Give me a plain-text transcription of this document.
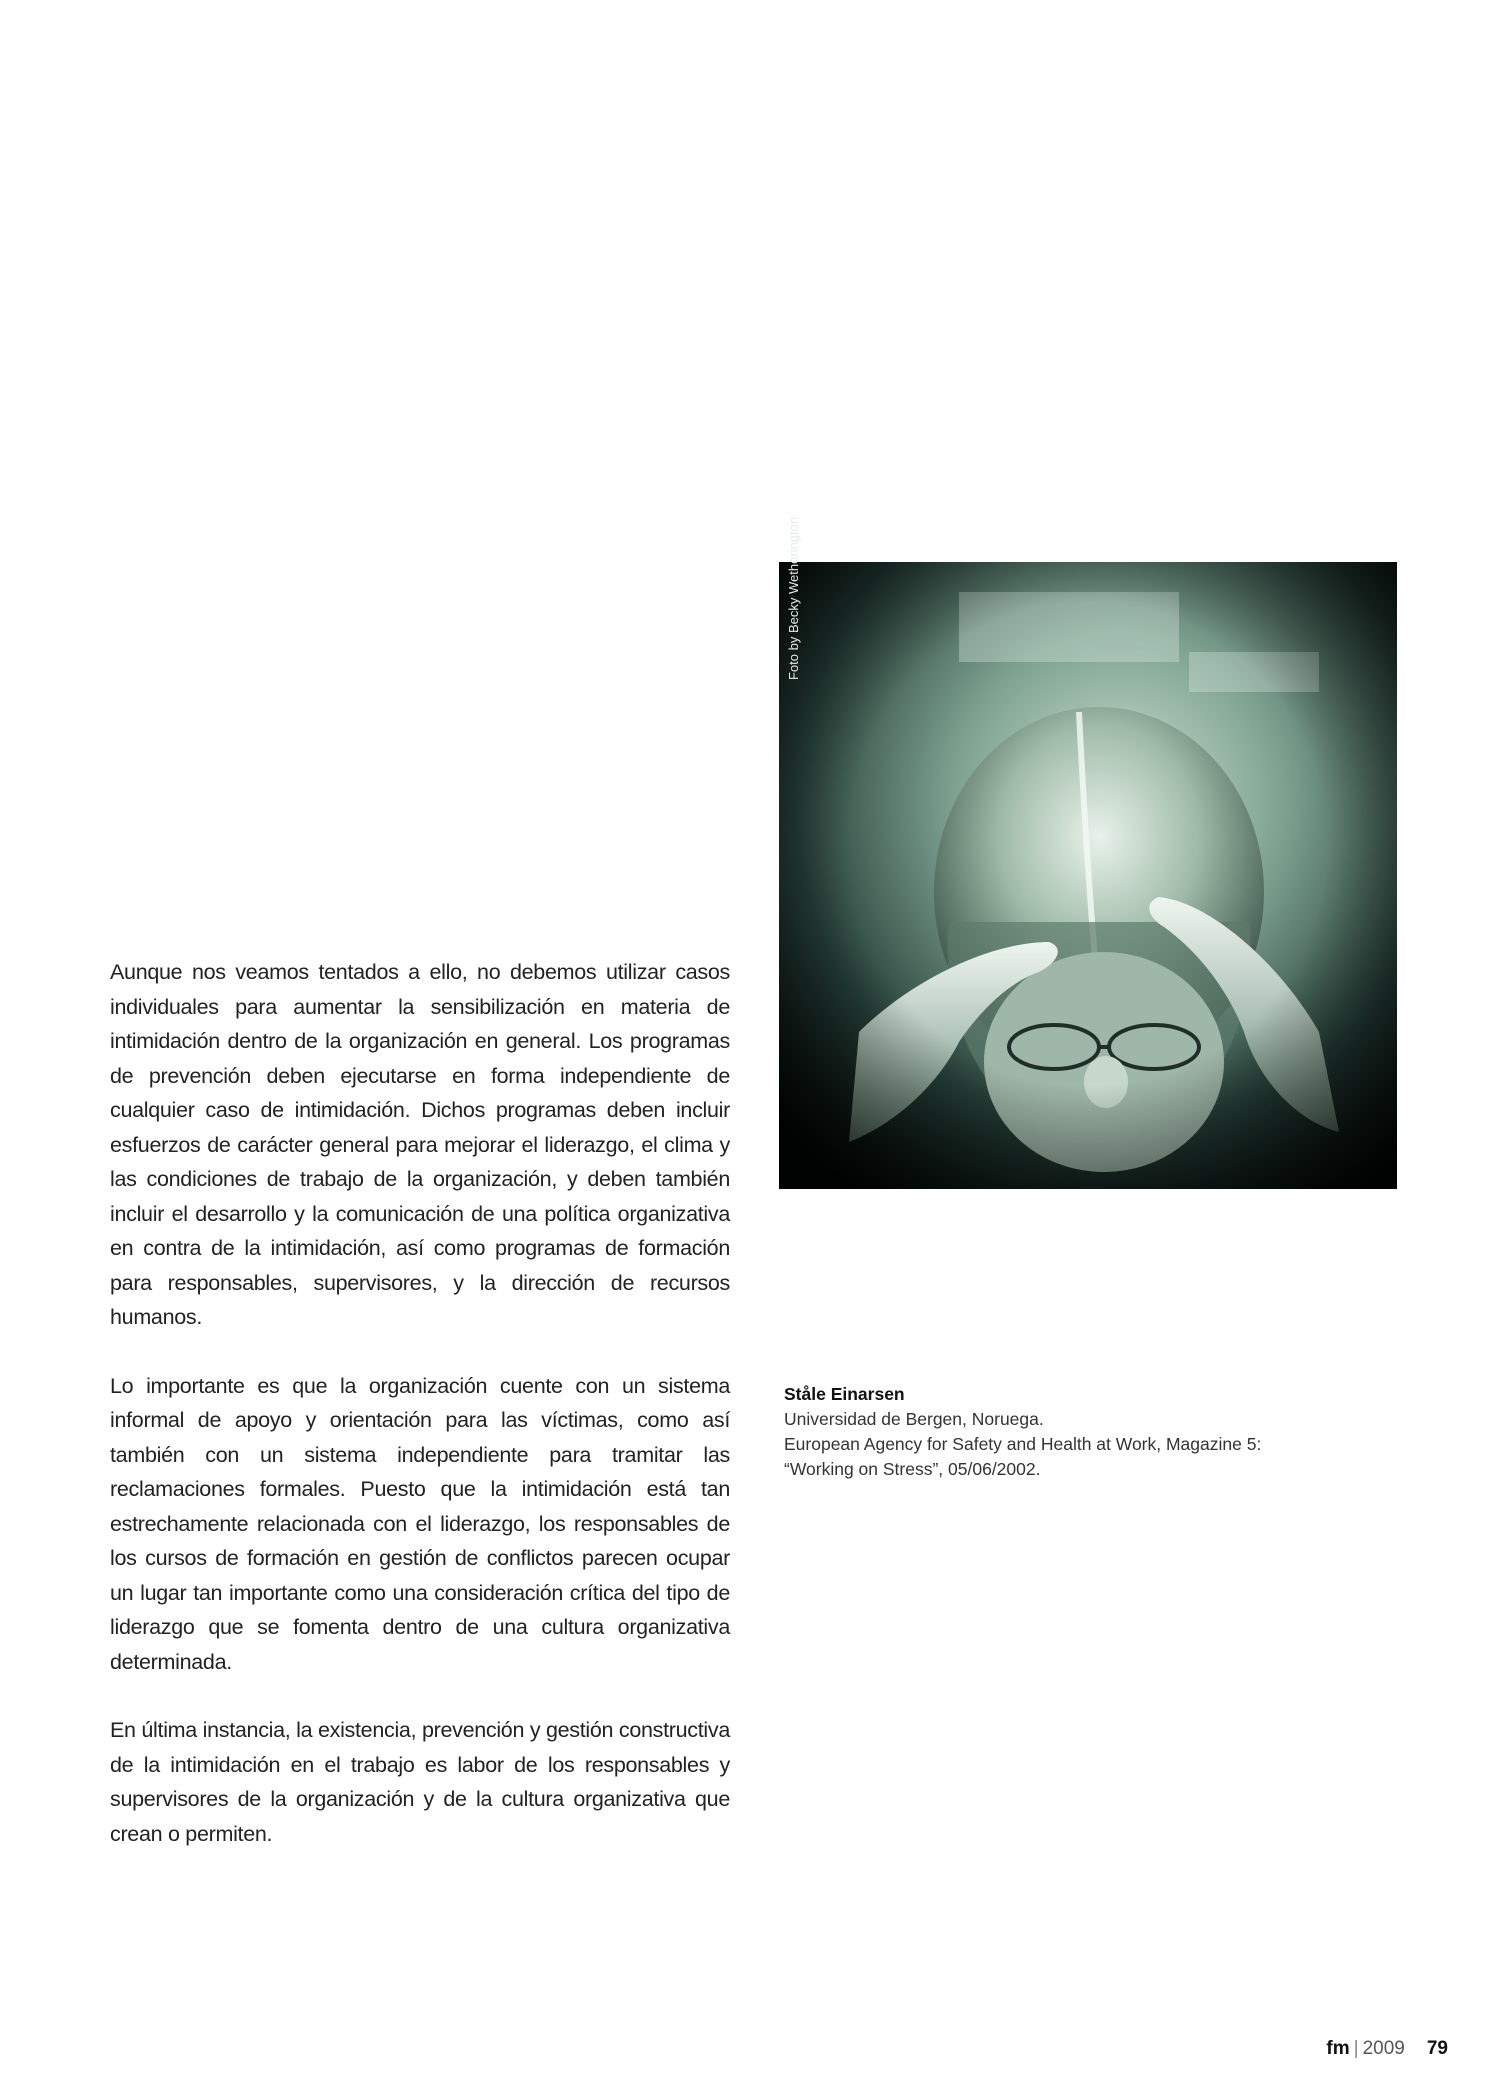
Aunque nos veamos tentados a ello, no debemos utilizar casos individuales para aumentar la sensibilización en materia de intimidación dentro de la organización en general. Los programas de prevención deben ejecutarse en forma independiente de cualquier caso de intimidación. Dichos programas deben incluir esfuerzos de carácter general para mejorar el liderazgo, el clima y las condiciones de trabajo de la organización, y deben también incluir el desarrollo y la comunicación de una política organizativa en contra de la intimidación, así como programas de formación para responsables, supervisores, y la dirección de recursos humanos.

Lo importante es que la organización cuente con un sistema informal de apoyo y orientación para las víctimas, como así también con un sistema independiente para tramitar las reclamaciones formales. Puesto que la intimidación está tan estrechamente relacionada con el liderazgo, los responsables de los cursos de formación en gestión de conflictos parecen ocupar un lugar tan importante como una consideración crítica del tipo de liderazgo que se fomenta dentro de una cultura organizativa determinada.

En última instancia, la existencia, prevención y gestión constructiva de la intimidación en el trabajo es labor de los responsables y supervisores de la organización y de la cultura organizativa que crean o permiten.

Foto by Becky Wetherington
Ståle Einarsen
Universidad de Bergen, Noruega.
European Agency for Safety and Health at Work, Magazine 5:
“Working on Stress”, 05/06/2002.
fm | 2009 79
